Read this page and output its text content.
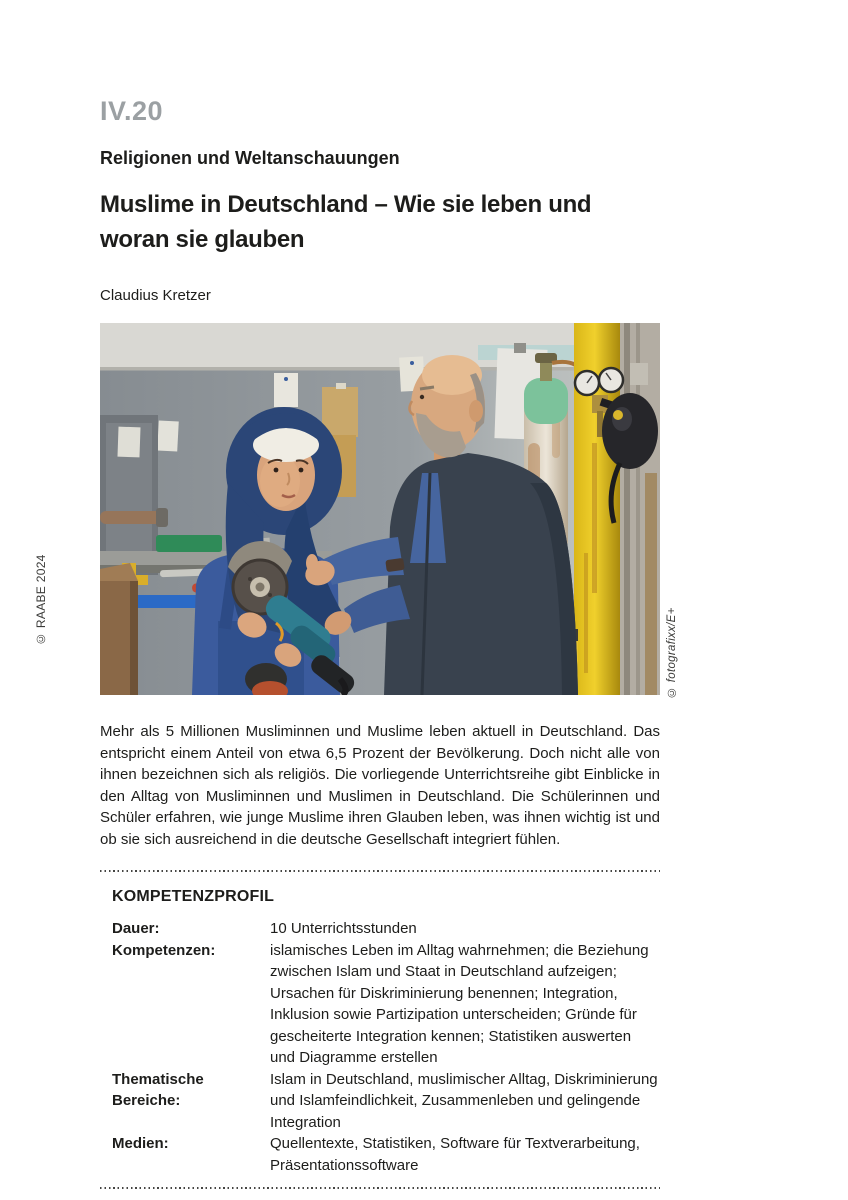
© RAABE 2024
IV.20
Religionen und Weltanschauungen
Muslime in Deutschland – Wie sie leben und
woran sie glauben
Claudius Kretzer

Mehr als 5 Millionen Musliminnen und Muslime leben aktuell in Deutschland. Das entspricht einem Anteil von etwa 6,5 Prozent der Bevölkerung. Doch nicht alle von ihnen bezeichnen sich als religiös. Die vorliegende Unterrichtsreihe gibt Einblicke in den Alltag von Musliminnen und Muslimen in Deutschland. Die Schülerinnen und Schüler erfahren, wie junge Muslime ihren Glauben leben, was ihnen wichtig ist und ob sie sich ausreichend in die deutsche Gesellschaft integriert fühlen.

KOMPETENZPROFIL
Dauer:	10 Unterrichtsstunden
Kompetenzen:	islamisches Leben im Alltag wahrnehmen; die Beziehung zwischen Islam und Staat in Deutschland aufzeigen; Ursachen für Diskriminierung benennen; Integration, Inklusion sowie Partizipation unterscheiden; Gründe für gescheiterte Integration kennen; Statistiken auswerten und Diagramme erstellen
Thematische Bereiche:
Islam in Deutschland, muslimischer Alltag, Diskriminierung und Islamfeindlichkeit, Zusammenleben und gelingende Integration
Medien:	Quellentexte, Statistiken, Software für Textverarbeitung, Präsentationssoftware
© fotografixx/E+
